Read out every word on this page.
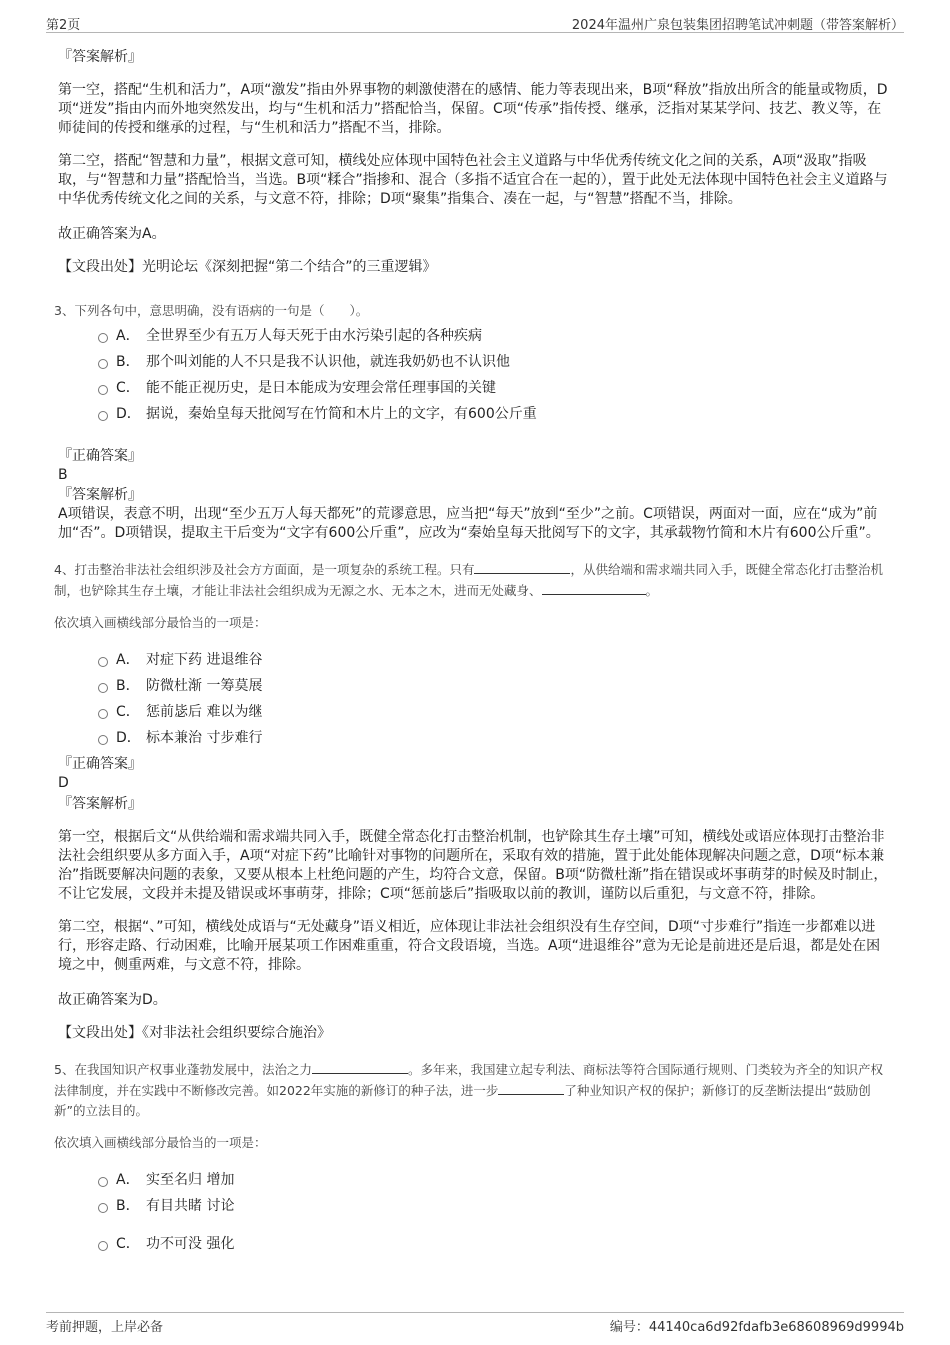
第2页	2024年温州广泉包装集团招聘笔试冲刺题（带答案解析）

『答案解析』

第一空，搭配“生机和活力”，A项“激发”指由外界事物的刺激使潜在的感情、能力等表现出来，B项“释放”指放出所含的能量或物质，D项“迸发”指由内而外地突然发出，均与“生机和活力”搭配恰当，保留。C项“传承”指传授、继承，泛指对某某学问、技艺、教义等，在师徒间的传授和继承的过程，与“生机和活力”搭配不当，排除。

第二空，搭配“智慧和力量”，根据文意可知，横线处应体现中国特色社会主义道路与中华优秀传统文化之间的关系，A项“汲取”指吸取，与“智慧和力量”搭配恰当，当选。B项“糅合”指掺和、混合（多指不适宜合在一起的），置于此处无法体现中国特色社会主义道路与中华优秀传统文化之间的关系，与文意不符，排除；D项“聚集”指集合、凑在一起，与“智慧”搭配不当，排除。

故正确答案为A。

【文段出处】光明论坛《深刻把握“第二个结合”的三重逻辑》

3、下列各句中，意思明确，没有语病的一句是（　　）。

A． 全世界至少有五万人每天死于由水污染引起的各种疾病
B． 那个叫刘能的人不只是我不认识他，就连我奶奶也不认识他
C． 能不能正视历史，是日本能成为安理会常任理事国的关键
D． 据说，秦始皇每天批阅写在竹简和木片上的文字，有600公斤重

『正确答案』

B

『答案解析』

A项错误，表意不明，出现“至少五万人每天都死”的荒谬意思，应当把“每天”放到“至少”之前。C项错误，两面对一面，应在“成为”前加“否”。D项错误，提取主干后变为“文字有600公斤重”，应改为“秦始皇每天批阅写下的文字，其承载物竹简和木片有600公斤重”。

4、打击整治非法社会组织涉及社会方方面面，是一项复杂的系统工程。只有	，从供给端和需求端共同入手，既健全常态化打击整治机制，也铲除其生存土壤，才能让非法社会组织成为无源之水、无本之木，进而无处藏身、	。

依次填入画横线部分最恰当的一项是：

A． 对症下药 进退维谷
B． 防微杜渐 一筹莫展
C． 惩前毖后 难以为继
D． 标本兼治 寸步难行

『正确答案』

D

『答案解析』

第一空，根据后文“从供给端和需求端共同入手，既健全常态化打击整治机制，也铲除其生存土壤”可知，横线处或语应体现打击整治非法社会组织要从多方面入手，A项“对症下药”比喻针对事物的问题所在，采取有效的措施，置于此处能体现解决问题之意，D项“标本兼治”指既要解决问题的表象，又要从根本上杜绝问题的产生，均符合文意，保留。B项“防微杜渐”指在错误或坏事萌芽的时候及时制止，不让它发展，文段并未提及错误或坏事萌芽，排除；C项“惩前毖后”指吸取以前的教训，谨防以后重犯，与文意不符，排除。

第二空，根据“、”可知，横线处成语与“无处藏身”语义相近，应体现让非法社会组织没有生存空间，D项“寸步难行”指连一步都难以进行，形容走路、行动困难，比喻开展某项工作困难重重，符合文段语境，当选。A项“进退维谷”意为无论是前进还是后退，都是处在困境之中，侧重两难，与文意不符，排除。

故正确答案为D。

【文段出处】《对非法社会组织要综合施治》

5、在我国知识产权事业蓬勃发展中，法治之力	。多年来，我国建立起专利法、商标法等符合国际通行规则、门类较为齐全的知识产权法律制度，并在实践中不断修改完善。如2022年实施的新修订的种子法，进一步	了种业知识产权的保护；新修订的反垄断法提出“鼓励创新”的立法目的。

依次填入画横线部分最恰当的一项是：

A． 实至名归 增加
B． 有目共睹 讨论
C． 功不可没 强化
考前押题，上岸必备	编号：44140ca6d92fdafb3e68608969d9994b
